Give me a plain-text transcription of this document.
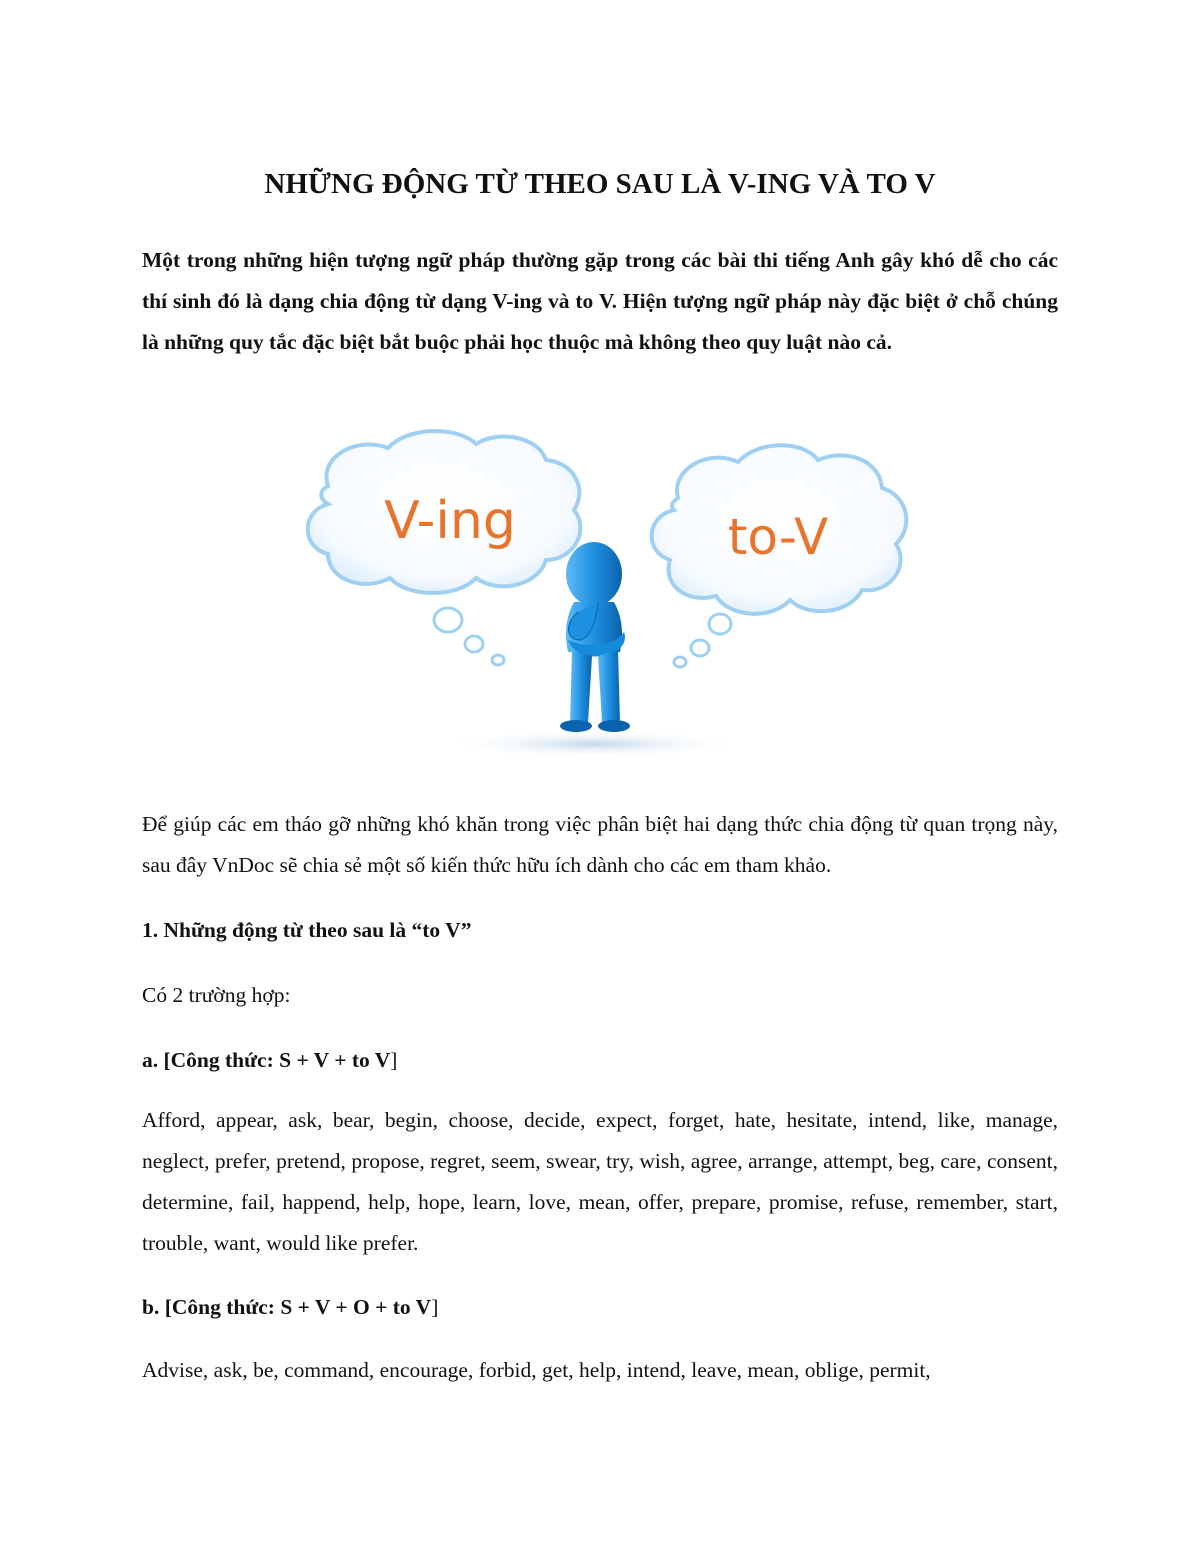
NHỮNG ĐỘNG TỪ THEO SAU LÀ V-ING VÀ TO V

Một trong những hiện tượng ngữ pháp thường gặp trong các bài thi tiếng Anh gây khó dễ cho các thí sinh đó là dạng chia động từ dạng V-ing và to V. Hiện tượng ngữ pháp này đặc biệt ở chỗ chúng là những quy tắc đặc biệt bắt buộc phải học thuộc mà không theo quy luật nào cả.

V-ing	to-V

Để giúp các em tháo gỡ những khó khăn trong việc phân biệt hai dạng thức chia động từ quan trọng này, sau đây VnDoc sẽ chia sẻ một số kiến thức hữu ích dành cho các em tham khảo.

1. Những động từ theo sau là “to V”

Có 2 trường hợp:

a. [Công thức: S + V + to V]

Afford, appear, ask, bear, begin, choose, decide, expect, forget, hate, hesitate, intend, like, manage, neglect, prefer, pretend, propose, regret, seem, swear, try, wish, agree, arrange, attempt, beg, care, consent, determine, fail, happend, help, hope, learn, love, mean, offer, prepare, promise, refuse, remember, start, trouble, want, would like prefer.

b. [Công thức: S + V + O + to V]

Advise, ask, be, command, encourage, forbid, get, help, intend, leave, mean, oblige, permit,
